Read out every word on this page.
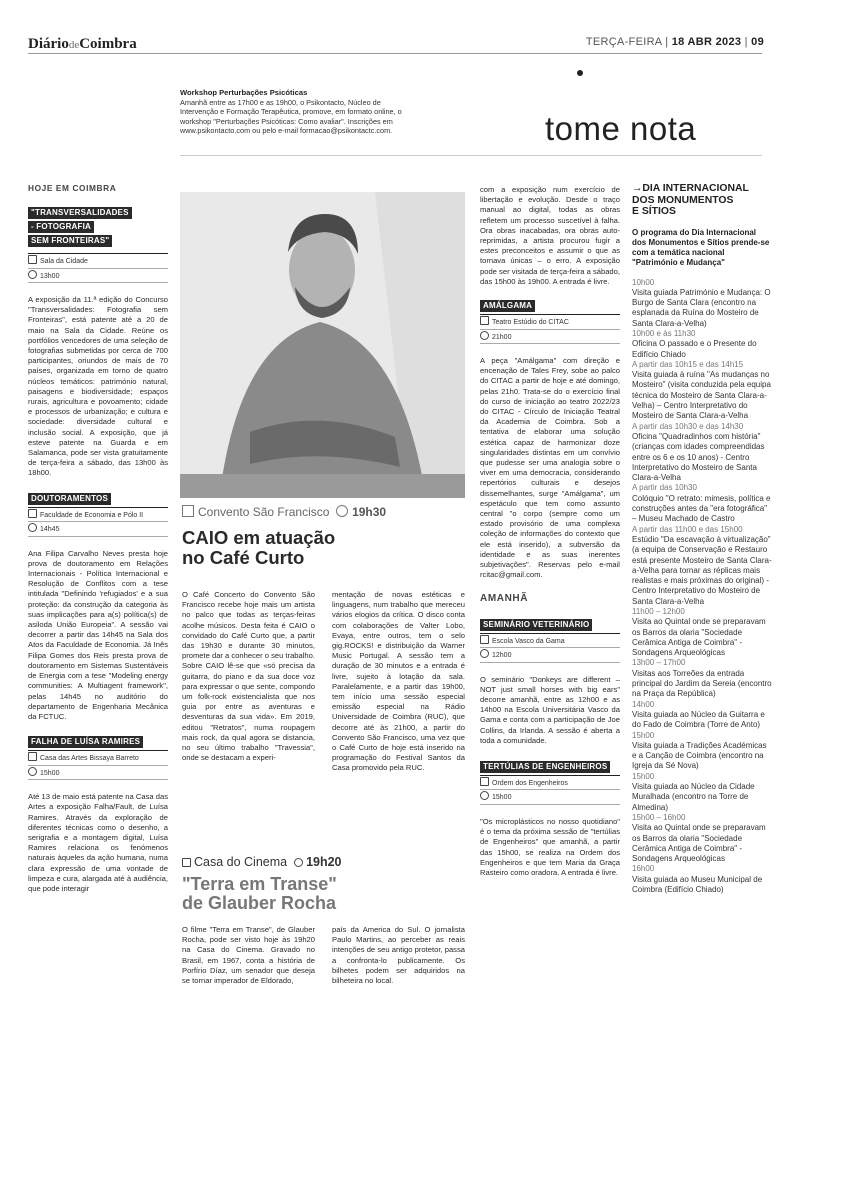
DiáriodeCoimbra	TERÇA-FEIRA | 18 ABR 2023 | 09
Workshop Perturbações Psicóticas
Amanhã entre as 17h00 e as 19h00, o Psikontacto, Núcleo de Intervenção e Formação Terapêutica, promove, em formato online, o workshop "Perturbações Psicóticas: Como avaliar". Inscrições em www.psikontacto.com ou pelo e-mail formacao@psikontactc.com.	tome nota
HOJE EM COIMBRA
"TRANSVERSALIDADES
- FOTOGRAFIA
SEM FRONTEIRAS"
Sala da Cidade
13h00
A exposição da 11.ª edição do Concurso "Transversalidades: Fotografia sem Fronteiras", está patente até a 20 de maio na Sala da Cidade. Reúne os portfólios vencedores de uma seleção de fotografias submetidas por cerca de 700 participantes, oriundos de mais de 70 países, organizada em torno de quatro núcleos temáticos: património natural, paisagens e biodiversidade; espaços rurais, agricultura e povoamento; cidade e processos de urbanização; e cultura e sociedade: diversidade cultural e inclusão social. A exposição, que já esteve patente na Guarda e em Salamanca, pode ser vista gratuitamente de terça-feira a sábado, das 13h00 às 18h00.
DOUTORAMENTOS
Faculdade de Economia e Pólo II
14h45
Ana Filipa Carvalho Neves presta hoje prova de doutoramento em Relações Internacionais - Política Internacional e Resolução de Conflitos com a tese intitulada "Definindo 'refugiados' e a sua proteção: da construção da categoria às suas implicações para a(s) política(s) de asiloda União Europeia". A sessão vai decorrer a partir das 14h45 na Sala dos Atos da Faculdade de Economia. Já Inês Filipa Gomes dos Reis presta prova de doutoramento em Sistemas Sustentáveis de Energia com a tese "Modeling energy communities: A Multiagent framework", pelas 14h45 no auditório do departamento de Engenharia Mecânica da FCTUC.
FALHA DE LUÍSA RAMIRES
Casa das Artes Bissaya Barreto
15h00
Até 13 de maio está patente na Casa das Artes a exposição Falha/Fault, de Luísa Ramires. Através da exploração de diferentes técnicas como o desenho, a serigrafia e a montagem digital, Luísa Ramires relaciona os fenómenos naturais àqueles da ação humana, numa clara expressão de uma vontade de limpeza e cura, alargada até à audiência, que pode interagir
Convento São Francisco 19h30
CAIO em atuação
no Café Curto
O Café Concerto do Convento São Francisco recebe hoje mais um artista no palco que todas as terças-feiras acolhe músicos. Desta feita é CAIO o convidado do Café Curto que, a partir das 19h30 e durante 30 minutos, promete dar a conhecer o seu trabalho. Sobre CAIO lê-se que «só precisa da guitarra, do piano e da sua doce voz para expressar o que sente, compondo um folk-rock existencialista que nos guia por entre as aventuras e desventuras da sua vida». Em 2019, editou "Retratos", numa roupagem mais rock, da qual agora se distancia, no seu último trabalho "Travessia", onde se destacam a experi-
mentação de novas estéticas e linguagens, num trabalho que mereceu vários elogios da crítica. O disco conta com colaborações de Valter Lobo, Evaya, entre outros, tem o selo gig.ROCKS! e distribuição da Warner Music Portugal. A sessão tem a duração de 30 minutos e a entrada é livre, sujeito à lotação da sala. Paralelamente, e a partir das 19h00, tem início uma sessão especial emissão especial na Rádio Universidade de Coimbra (RUC), que decorre até às 21h00, a partir do Convento São Francisco, uma vez que o Café Curto de hoje está inserido na programação do Festival Santos da Casa promovido pela RUC.
Casa do Cinema 19h20
"Terra em Transe"
de Glauber Rocha
O filme "Terra em Transe", de Glauber Rocha, pode ser visto hoje às 19h20 na Casa do Cinema. Gravado no Brasil, em 1967, conta a história de Porfírio Díaz, um senador que deseja se tornar imperador de Eldorado,
país da America do Sul. O jornalista Paulo Martins, ao perceber as reais intenções de seu antigo protetor, passa a confronta-lo publicamente. Os bilhetes podem ser adquiridos na bilheteira no local.
com a exposição num exercício de libertação e evolução. Desde o traço manual ao digital, todas as obras refletem um processo suscetível à falha. Ora obras inacabadas, ora obras auto-reprimidas, a artista procurou fugir a estes preconceitos e assumir o que as tornava únicas – o erro. A exposição pode ser visitada de terça-feira a sábado, das 15h00 às 19h00. A entrada é livre.
AMÁLGAMA
Teatro Estúdio do CITAC
21h00
A peça "Amálgama" com direção e encenação de Tales Frey, sobe ao palco do CITAC a partir de hoje e até domingo, pelas 21h0. Trata-se do o exercício final do curso de iniciação ao teatro 2022/23 do CITAC - Círculo de Iniciação Teatral da Academia de Coimbra. Sob a tentativa de elaborar uma solução estética capaz de harmonizar doze singularidades distintas em um convívio que pudesse ser uma analogia sobre o viver em uma democracia, considerando repertórios culturais e desejos dissemelhantes, surge "Amálgama", um espetáculo que tem como assunto central "o corpo (sempre como um estado provisório de uma complexa coleção de informações do contexto que ele está inserido), a subversão da identidade e as suas inerentes subjetivações". Reservas pelo e-mail rcitac@gmail.com.
AMANHÃ
SEMINÁRIO VETERINÁRIO
Escola Vasco da Gama
12h00
O seminário "Donkeys are different – NOT just small horses with big ears" decorre amanhã, entre as 12h00 e as 14h00 na Escola Universitária Vasco da Gama e conta com a participação de Joe Collins, da Irlanda. A sessão é aberta a toda a comunidade.
TERTÚLIAS DE ENGENHEIROS
Ordem dos Engenheiros
15h00
"Os microplásticos no nosso quotidiano" é o tema da próxima sessão de "tertúlias de Engenheiros" que amanhã, a partir das 15h00, se realiza na Ordem dos Engenheiros e que tem Maria da Graça Rasteiro como oradora. A entrada é livre.
→DIA INTERNACIONAL
DOS MONUMENTOS
E SÍTIOS
O programa do Dia Internacional dos Monumentos e Sítios prende-se com a temática nacional "Património e Mudança"
10h00
Visita guiada Património e Mudança: O Burgo de Santa Clara (encontro na esplanada da Ruína do Mosteiro de Santa Clara-a-Velha)
10h00 e às 11h30
Oficina O passado e o Presente do Edifício Chiado
A partir das 10h15 e das 14h15
Visita guiada à ruína "As mudanças no Mosteiro" (visita conduzida pela equipa técnica do Mosteiro de Santa Clara-a-Velha) – Centro Interpretativo do Mosteiro de Santa Clara-a-Velha
A partir das 10h30 e das 14h30
Oficina "Quadradinhos com história" (crianças com idades compreendidas entre os 6 e os 10 anos) - Centro Interpretativo do Mosteiro de Santa Clara-a-Velha
A partir das 10h30
Colóquio "O retrato: mimesis, política e construções antes da "era fotográfica" – Museu Machado de Castro
A partir das 11h00 e das 15h00
Estúdio "Da escavação à virtualização" (a equipa de Conservação e Restauro está presente Mosteiro de Santa Clara-a-Velha para tornar as réplicas mais realistas e mais próximas do original) - Centro Interpretativo do Mosteiro de Santa Clara-a-Velha
11h00 – 12h00
Visita ao Quintal onde se preparavam os Barros da olaria "Sociedade Cerâmica Antiga de Coimbra" - Sondagens Arqueológicas
13h00 – 17h00
Visitas aos Torreões da entrada principal do Jardim da Sereia (encontro na Praça da República)
14h00
Visita guiada ao Núcleo da Guitarra e do Fado de Coimbra (Torre de Anto)
15h00
Visita guiada a Tradições Académicas e a Canção de Coimbra (encontro na Igreja da Sé Nova)
15h00
Visita guiada ao Núcleo da Cidade Muralhada (encontro na Torre de Almedina)
15h00 – 16h00
Visita ao Quintal onde se preparavam os Barros da olaria "Sociedade Cerâmica Antiga de Coimbra" - Sondagens Arqueológicas
16h00
Visita guiada ao Museu Municipal de Coimbra (Edifício Chiado)
